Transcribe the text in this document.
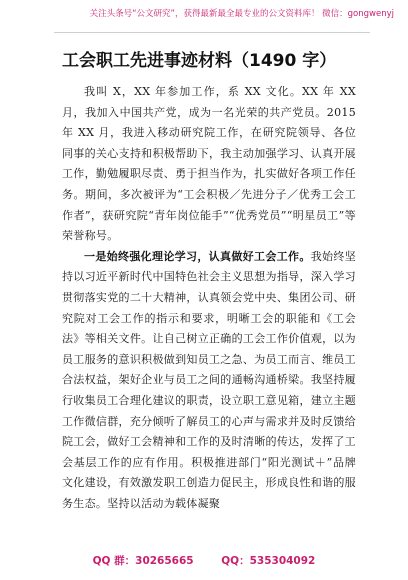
关注头条号“公文研究”，获得最新最全最专业的公文资料库！ 微信：gongwenyj
工会职工先进事迹材料（1490 字）

我叫 X，XX 年参加工作，系 XX 文化。XX 年 XX 月，我加入中国共产党，成为一名光荣的共产党员。2015 年 XX 月，我进入移动研究院工作，在研究院领导、各位同事的关心支持和积极帮助下，我主动加强学习、认真开展工作，勤勉履职尽责、勇于担当作为，扎实做好各项工作任务。期间，多次被评为“工会积极／先进分子／优秀工会工作者”，获研究院“青年岗位能手”“优秀党员”“明星员工”等荣誉称号。

一是始终强化理论学习，认真做好工会工作。我始终坚持以习近平新时代中国特色社会主义思想为指导，深入学习贯彻落实党的二十大精神，认真领会党中央、集团公司、研究院对工会工作的指示和要求，明晰工会的职能和《工会法》等相关文件。让自己树立正确的工会工作价值观，以为员工服务的意识积极做到知员工之急、为员工而言、维员工合法权益，架好企业与员工之间的通畅沟通桥梁。我坚持履行收集员工合理化建议的职责，设立职工意见箱，建立主题工作微信群，充分倾听了解员工的心声与需求并及时反馈给院工会，做好工会精神和工作的及时清晰的传达，发挥了工会基层工作的应有作用。积极推进部门“阳光测试＋”品牌文化建设，有效激发职工创造力促民主，形成良性和谐的服务生态。坚持以活动为载体凝聚

QQ 群：30265665	QQ：535304092
